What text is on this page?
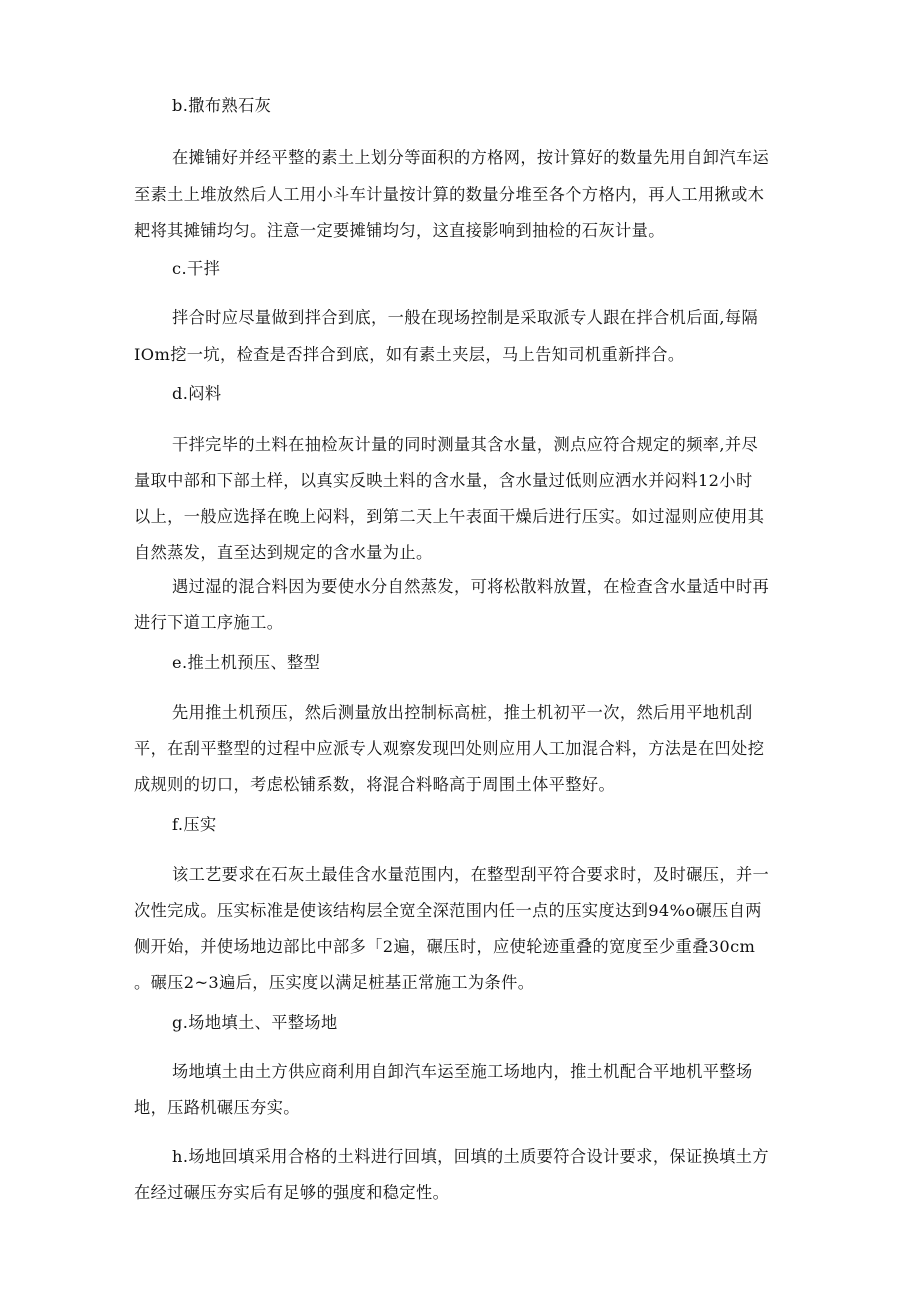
b.撒布熟石灰
在摊铺好并经平整的素土上划分等面积的方格网，按计算好的数量先用自卸汽车运
至素土上堆放然后人工用小斗车计量按计算的数量分堆至各个方格内，再人工用揪或木
耙将其摊铺均匀。注意一定要摊铺均匀，这直接影响到抽检的石灰计量。
c.干拌
拌合时应尽量做到拌合到底，一般在现场控制是采取派专人跟在拌合机后面,每隔
IOm挖一坑，检查是否拌合到底，如有素土夹层，马上告知司机重新拌合。
d.闷料
干拌完毕的土料在抽检灰计量的同时测量其含水量，测点应符合规定的频率,并尽
量取中部和下部土样，以真实反映土料的含水量，含水量过低则应洒水并闷料12小时
以上，一般应选择在晚上闷料，到第二天上午表面干燥后进行压实。如过湿则应使用其
自然蒸发，直至达到规定的含水量为止。
遇过湿的混合料因为要使水分自然蒸发，可将松散料放置，在检查含水量适中时再
进行下道工序施工。
e.推土机预压、整型
先用推土机预压，然后测量放出控制标高桩，推土机初平一次，然后用平地机刮
平，在刮平整型的过程中应派专人观察发现凹处则应用人工加混合料，方法是在凹处挖
成规则的切口，考虑松铺系数，将混合料略高于周围土体平整好。
f.压实
该工艺要求在石灰土最佳含水量范围内，在整型刮平符合要求时，及时碾压，并一
次性完成。压实标准是使该结构层全宽全深范围内任一点的压实度达到94%o碾压自两
侧开始，并使场地边部比中部多「2遍，碾压时，应使轮迹重叠的宽度至少重叠30cm
。碾压2~3遍后，压实度以满足桩基正常施工为条件。
g.场地填土、平整场地
场地填土由土方供应商利用自卸汽车运至施工场地内，推土机配合平地机平整场
地，压路机碾压夯实。
h.场地回填采用合格的土料进行回填，回填的土质要符合设计要求，保证换填土方
在经过碾压夯实后有足够的强度和稳定性。
